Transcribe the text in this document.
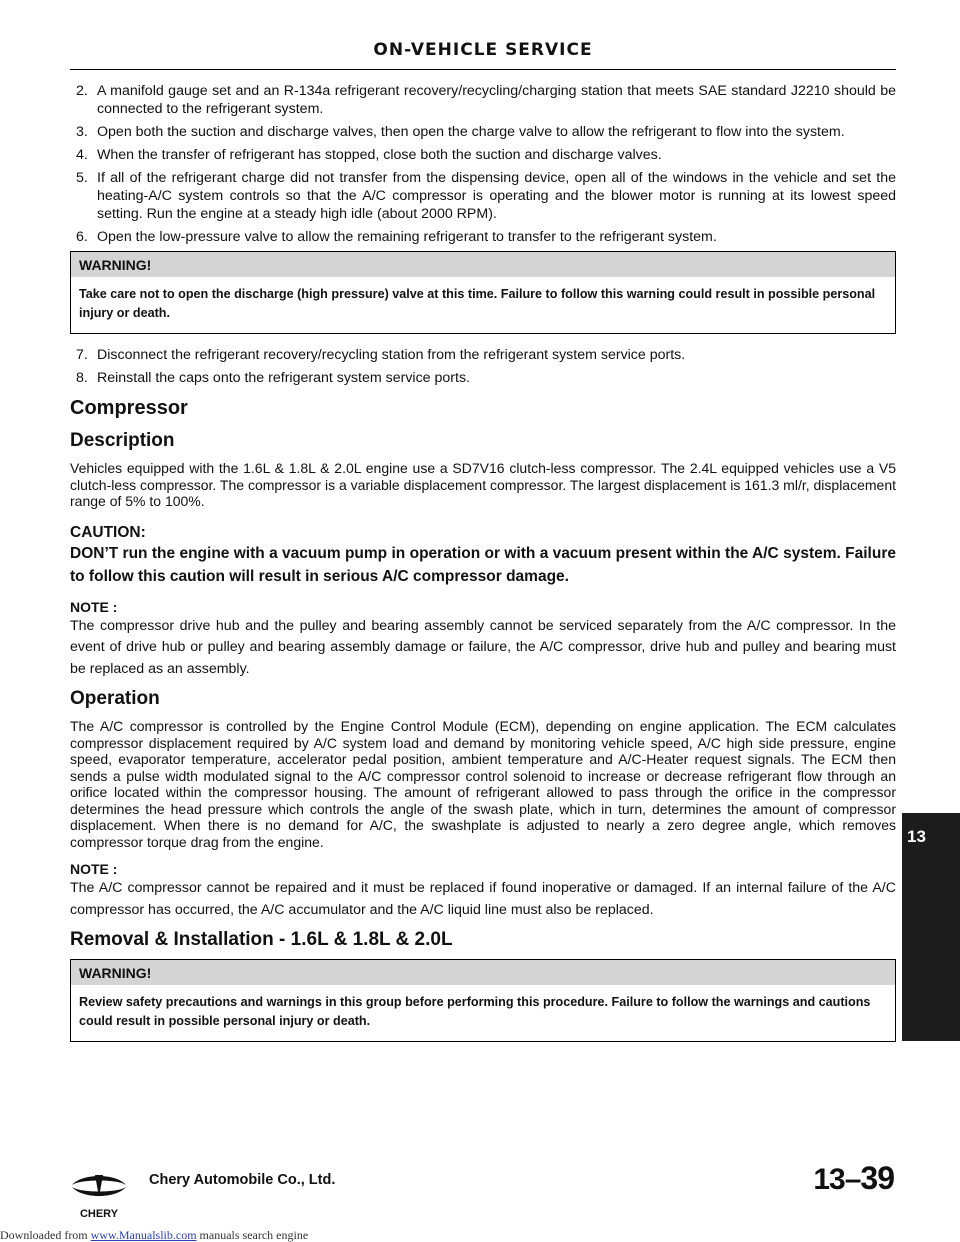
ON-VEHICLE SERVICE
2. A manifold gauge set and an R-134a refrigerant recovery/recycling/charging station that meets SAE standard J2210 should be connected to the refrigerant system.
3. Open both the suction and discharge valves, then open the charge valve to allow the refrigerant to flow into the system.
4. When the transfer of refrigerant has stopped, close both the suction and discharge valves.
5. If all of the refrigerant charge did not transfer from the dispensing device, open all of the windows in the vehicle and set the heating-A/C system controls so that the A/C compressor is operating and the blower motor is running at its lowest speed setting. Run the engine at a steady high idle (about 2000 RPM).
6. Open the low-pressure valve to allow the remaining refrigerant to transfer to the refrigerant system.
WARNING!
Take care not to open the discharge (high pressure) valve at this time. Failure to follow this warning could result in possible personal injury or death.
7. Disconnect the refrigerant recovery/recycling station from the refrigerant system service ports.
8. Reinstall the caps onto the refrigerant system service ports.
Compressor
Description

Vehicles equipped with the 1.6L & 1.8L & 2.0L engine use a SD7V16 clutch-less compressor. The 2.4L equipped vehicles use a V5 clutch-less compressor. The compressor is a variable displacement compressor. The largest displacement is 161.3 ml/r, displacement range of 5% to 100%.

CAUTION:
DON’T run the engine with a vacuum pump in operation or with a vacuum present within the A/C system. Failure to follow this caution will result in serious A/C compressor damage.
NOTE :
The compressor drive hub and the pulley and bearing assembly cannot be serviced separately from the A/C compressor. In the event of drive hub or pulley and bearing assembly damage or failure, the A/C compressor, drive hub and pulley and bearing must be replaced as an assembly.
Operation

The A/C compressor is controlled by the Engine Control Module (ECM), depending on engine application. The ECM calculates compressor displacement required by A/C system load and demand by monitoring vehicle speed, A/C high side pressure, engine speed, evaporator temperature, accelerator pedal position, ambient temperature and A/C-Heater request signals. The ECM then sends a pulse width modulated signal to the A/C compressor control solenoid to increase or decrease refrigerant flow through an orifice located within the compressor housing. The amount of refrigerant allowed to pass through the orifice in the compressor determines the head pressure which controls the angle of the swash plate, which in turn, determines the amount of compressor displacement. When there is no demand for A/C, the swashplate is adjusted to nearly a zero degree angle, which removes compressor torque drag from the engine.

NOTE :
The A/C compressor cannot be repaired and it must be replaced if found inoperative or damaged. If an internal failure of the A/C compressor has occurred, the A/C accumulator and the A/C liquid line must also be replaced.
Removal & Installation - 1.6L & 1.8L & 2.0L
WARNING!
Review safety precautions and warnings in this group before performing this procedure. Failure to follow the warnings and cautions could result in possible personal injury or death.
13
CHERY
Chery Automobile Co., Ltd.	13–39
Downloaded from www.Manualslib.com manuals search engine
